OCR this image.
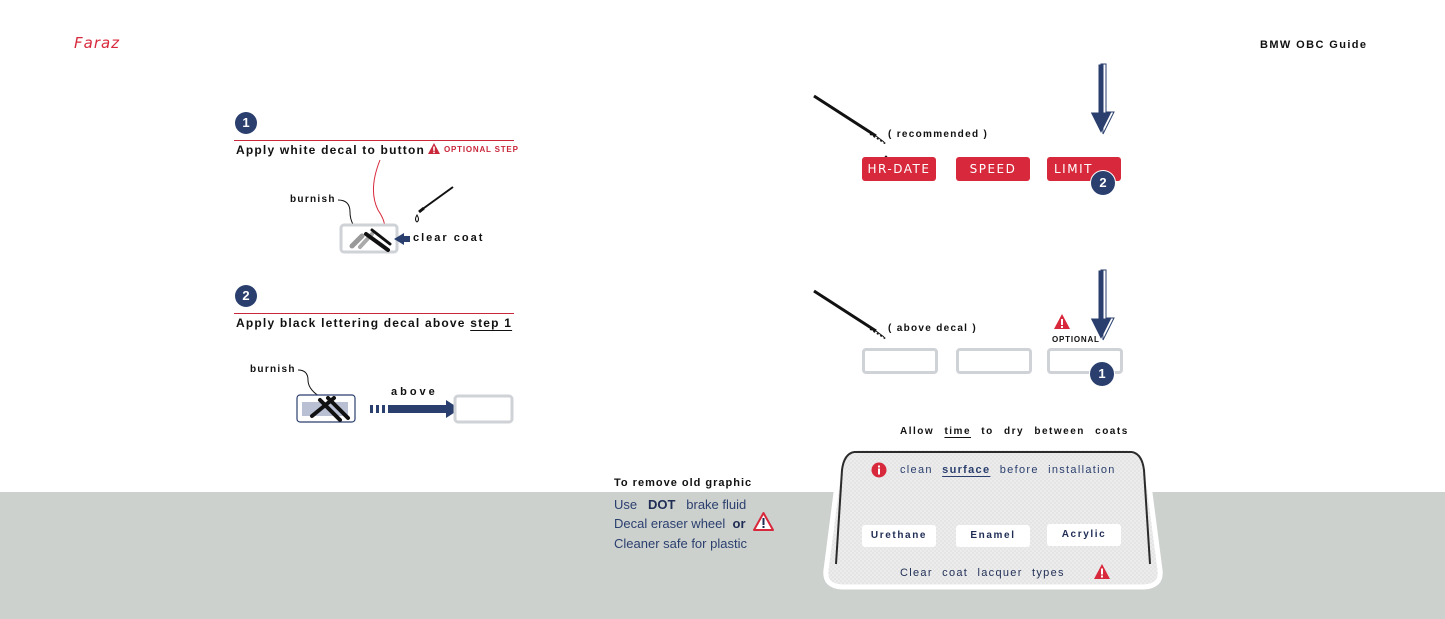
Faraz	BMW OBC Guide
1
Apply white decal to button OPTIONAL STEP
burnish
clear coat
2
Apply black lettering decal above step 1
burnish
above
( recommended )
HR-DATE	SPEED	LIMIT
2
( above decal )
OPTIONAL
1
To remove old graphic
Use DOT brake fluid
Decal eraser wheel or
Cleaner safe for plastic
Allow time to dry between coats
clean surface before installation
Urethane	Enamel	Acrylic
Clear coat lacquer types
